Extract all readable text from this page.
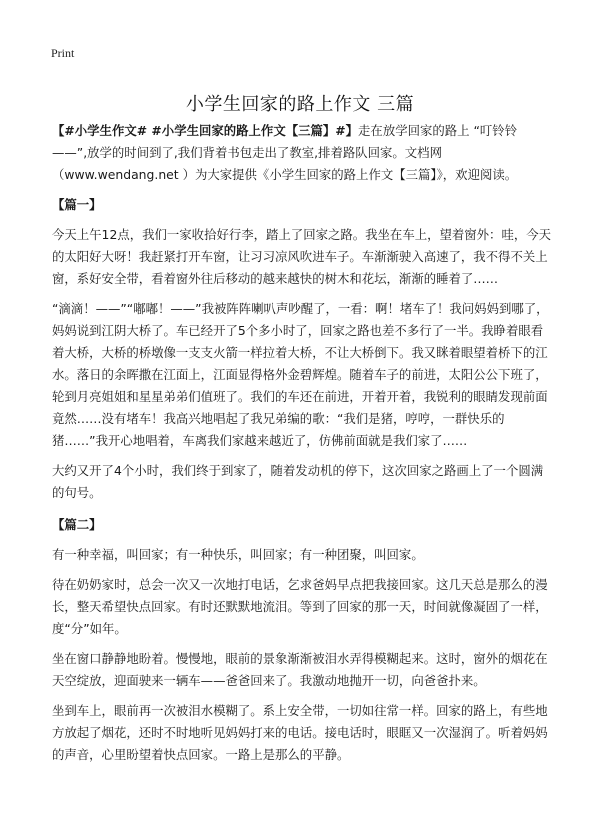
Print
小学生回家的路上作文 三篇

【#小学生作文# #小学生回家的路上作文【三篇】#】走在放学回家的路上 “叮铃铃——”,放学的时间到了,我们背着书包走出了教室,排着路队回家。文档网（www.wendang.net ）为大家提供《小学生回家的路上作文【三篇】》，欢迎阅读。

【篇一】

今天上午12点，我们一家收拾好行李，踏上了回家之路。我坐在车上，望着窗外：哇，今天的太阳好大呀！我赶紧打开车窗，让习习凉风吹进车子。车渐渐驶入高速了，我不得不关上窗，系好安全带，看着窗外往后移动的越来越快的树木和花坛，渐渐的睡着了……

“滴滴！——”“嘟嘟！——”我被阵阵喇叭声吵醒了，一看：啊！堵车了！我问妈妈到哪了，妈妈说到江阴大桥了。车已经开了5个多小时了，回家之路也差不多行了一半。我睁着眼看着大桥，大桥的桥墩像一支支火箭一样拉着大桥，不让大桥倒下。我又眯着眼望着桥下的江水。落日的余晖撒在江面上，江面显得格外金碧辉煌。随着车子的前进，太阳公公下班了，轮到月亮姐姐和星星弟弟们值班了。我们的车还在前进，开着开着，我锐利的眼睛发现前面竟然……没有堵车！我高兴地唱起了我兄弟编的歌：“我们是猪，哼哼，一群快乐的猪……”我开心地唱着，车离我们家越来越近了，仿佛前面就是我们家了……

大约又开了4个小时，我们终于到家了，随着发动机的停下，这次回家之路画上了一个圆满的句号。

【篇二】

有一种幸福，叫回家；有一种快乐，叫回家；有一种团聚，叫回家。

待在奶奶家时，总会一次又一次地打电话，乞求爸妈早点把我接回家。这几天总是那么的漫长，整天希望快点回家。有时还默默地流泪。等到了回家的那一天，时间就像凝固了一样，度“分”如年。

坐在窗口静静地盼着。慢慢地，眼前的景象渐渐被泪水弄得模糊起来。这时，窗外的烟花在天空绽放，迎面驶来一辆车——爸爸回来了。我激动地抛开一切，向爸爸扑来。

坐到车上，眼前再一次被泪水模糊了。系上安全带，一切如往常一样。回家的路上，有些地方放起了烟花，还时不时地听见妈妈打来的电话。接电话时，眼眶又一次湿润了。听着妈妈的声音，心里盼望着快点回家。一路上是那么的平静。
